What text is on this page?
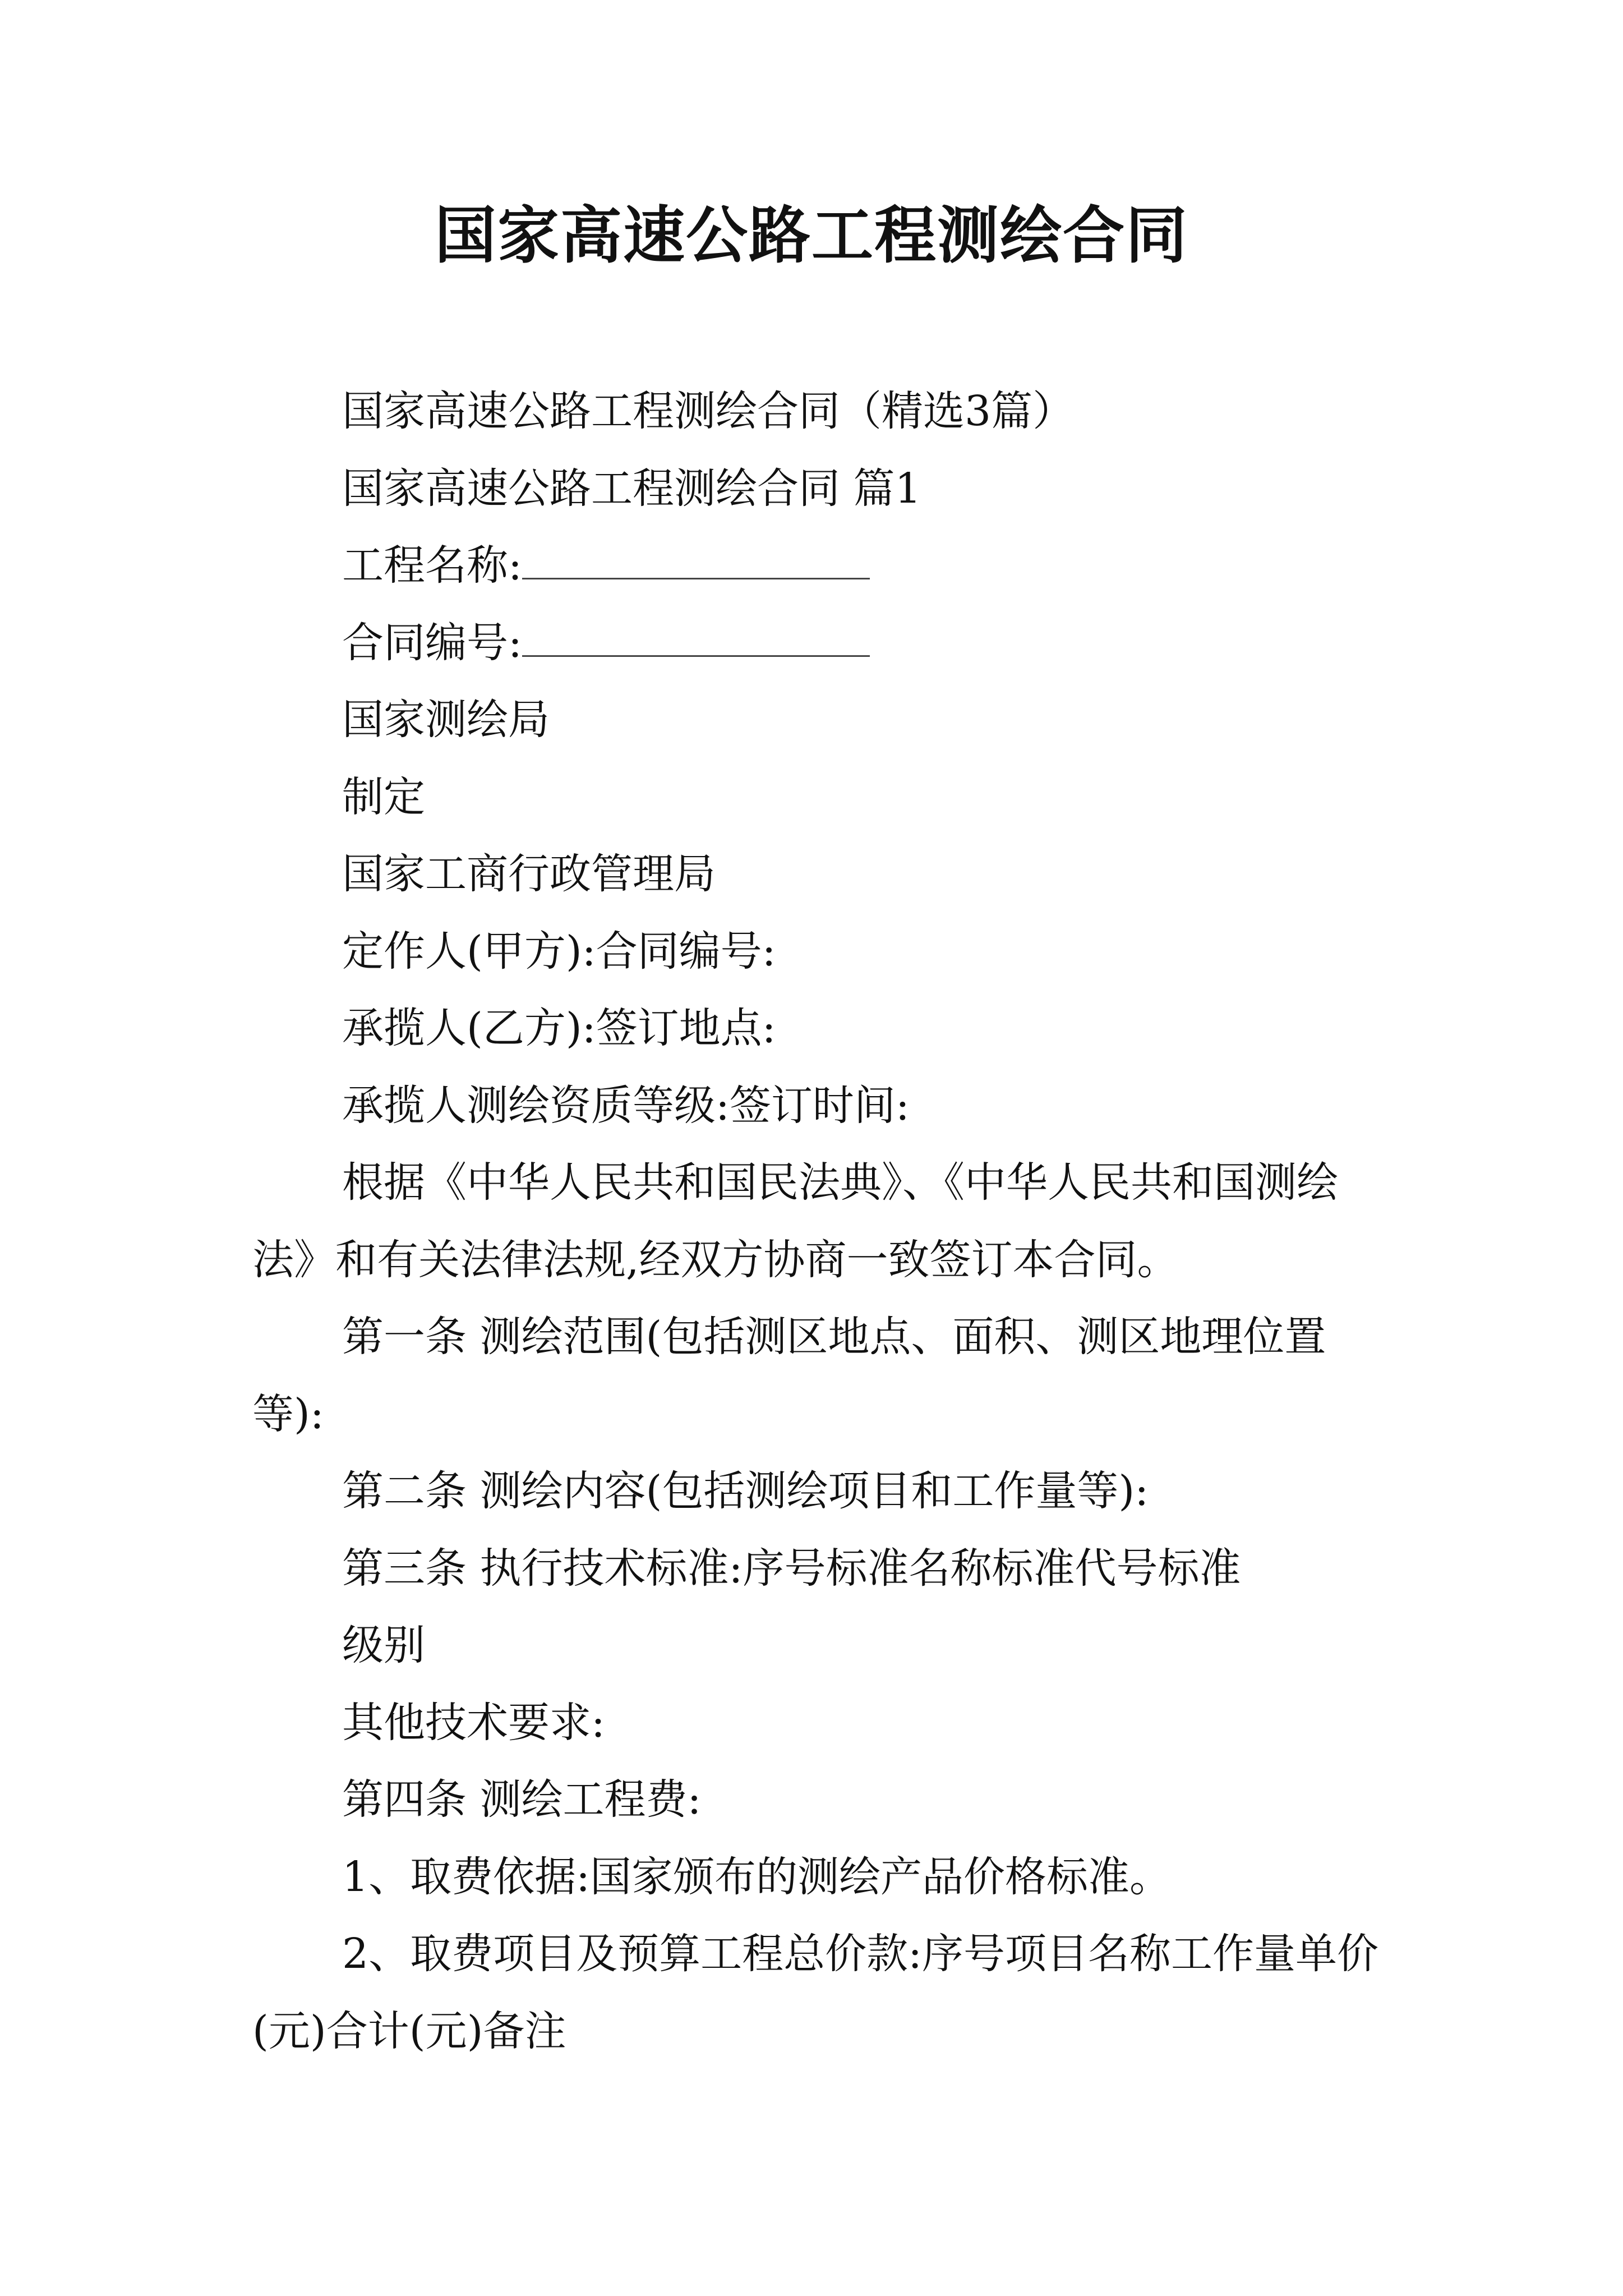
国家高速公路工程测绘合同

国家高速公路工程测绘合同（精选3篇）

国家高速公路工程测绘合同 篇1

工程名称:

合同编号:

国家测绘局

制定

国家工商行政管理局

定作人(甲方):合同编号:

承揽人(乙方):签订地点:

承揽人测绘资质等级:签订时间:

根据《中华人民共和国民法典》、《中华人民共和国测绘法》和有关法律法规,经双方协商一致签订本合同。

第一条 测绘范围(包括测区地点、面积、测区地理位置等):

第二条 测绘内容(包括测绘项目和工作量等):

第三条 执行技术标准:序号标准名称标准代号标准

级别

其他技术要求:

第四条 测绘工程费:

1、取费依据:国家颁布的测绘产品价格标准。

2、取费项目及预算工程总价款:序号项目名称工作量单价(元)合计(元)备注
